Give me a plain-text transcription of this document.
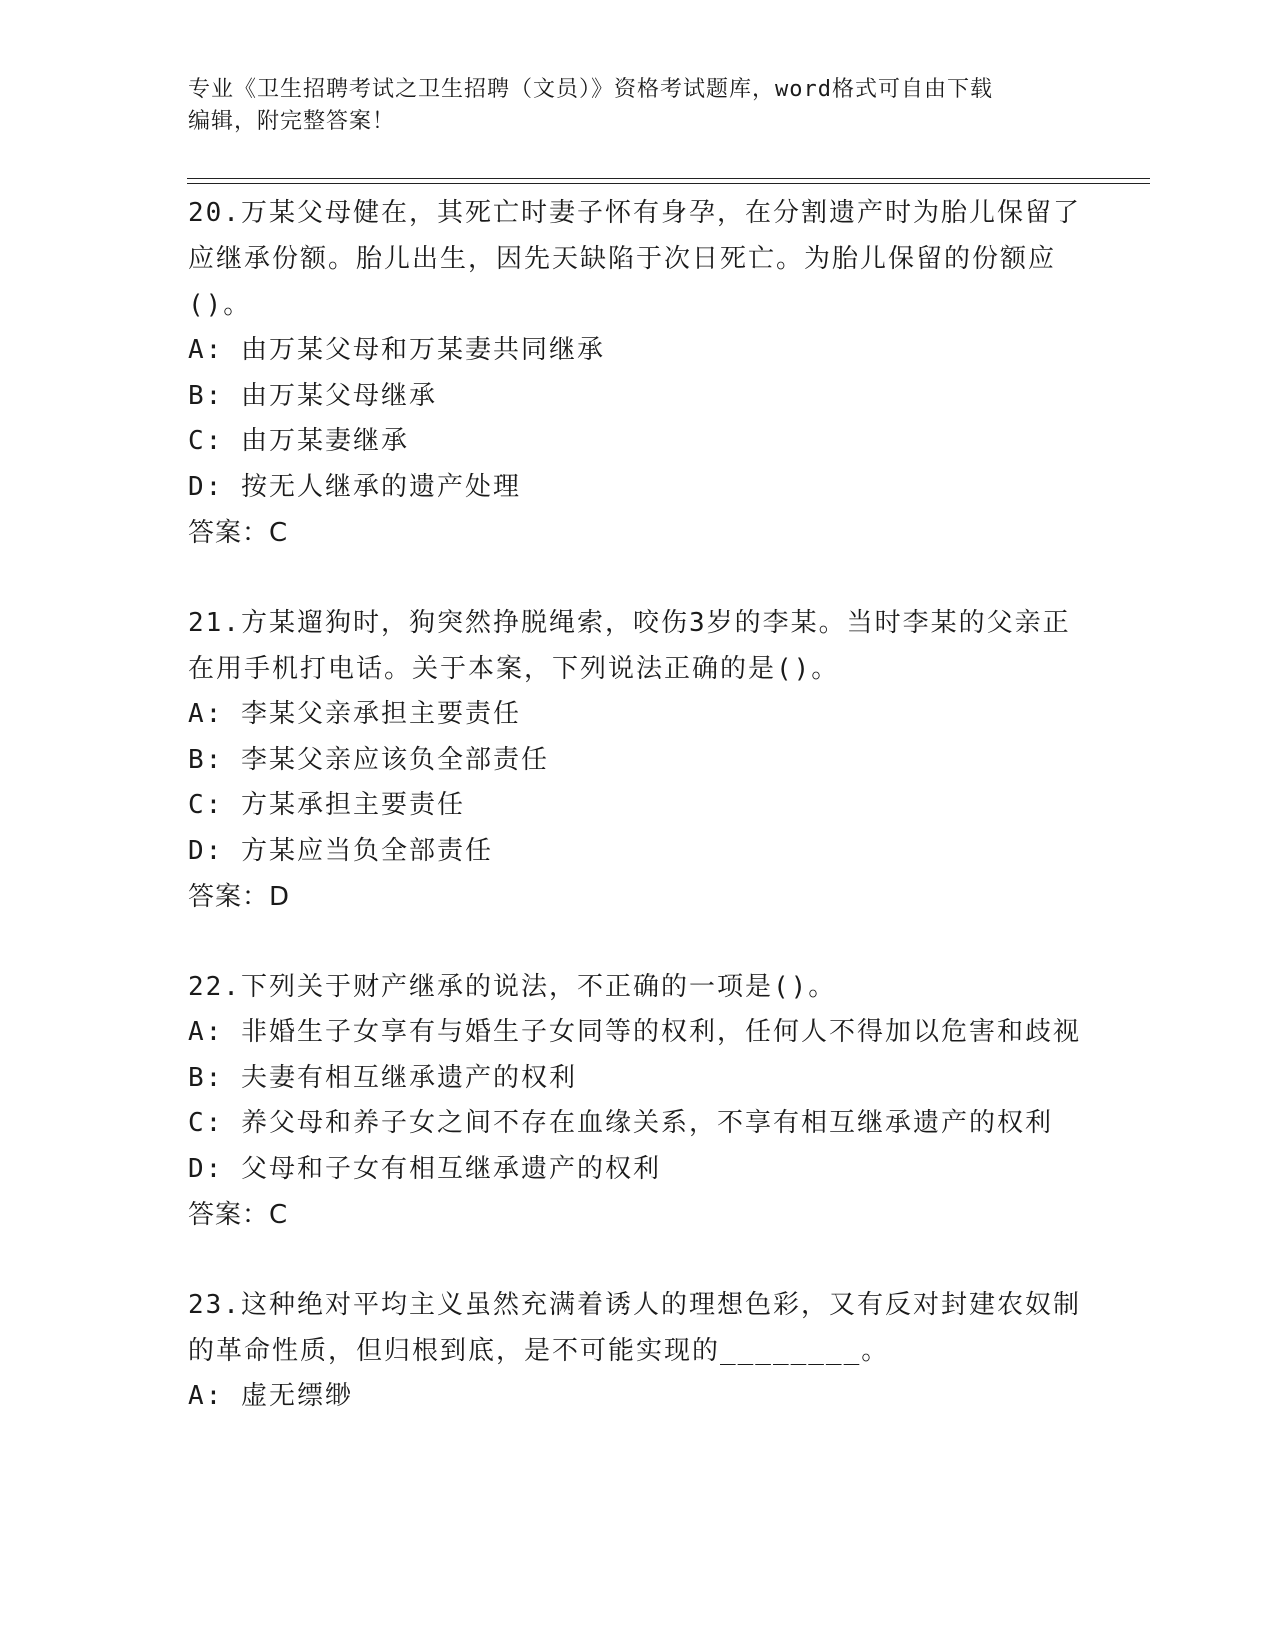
专业《卫生招聘考试之卫生招聘（文员）》资格考试题库，word格式可自由下载
编辑，附完整答案！

20.万某父母健在，其死亡时妻子怀有身孕，在分割遗产时为胎儿保留了应继承份额。胎儿出生，因先天缺陷于次日死亡。为胎儿保留的份额应()。

A: 由万某父母和万某妻共同继承

B: 由万某父母继承

C: 由万某妻继承

D: 按无人继承的遗产处理

答案：C

21.方某遛狗时，狗突然挣脱绳索，咬伤3岁的李某。当时李某的父亲正在用手机打电话。关于本案，下列说法正确的是()。

A: 李某父亲承担主要责任

B: 李某父亲应该负全部责任

C: 方某承担主要责任

D: 方某应当负全部责任

答案：D

22.下列关于财产继承的说法，不正确的一项是()。

A: 非婚生子女享有与婚生子女同等的权利，任何人不得加以危害和歧视

B: 夫妻有相互继承遗产的权利

C: 养父母和养子女之间不存在血缘关系，不享有相互继承遗产的权利

D: 父母和子女有相互继承遗产的权利

答案：C

23.这种绝对平均主义虽然充满着诱人的理想色彩，又有反对封建农奴制的革命性质，但归根到底，是不可能实现的________。

A: 虚无缥缈
